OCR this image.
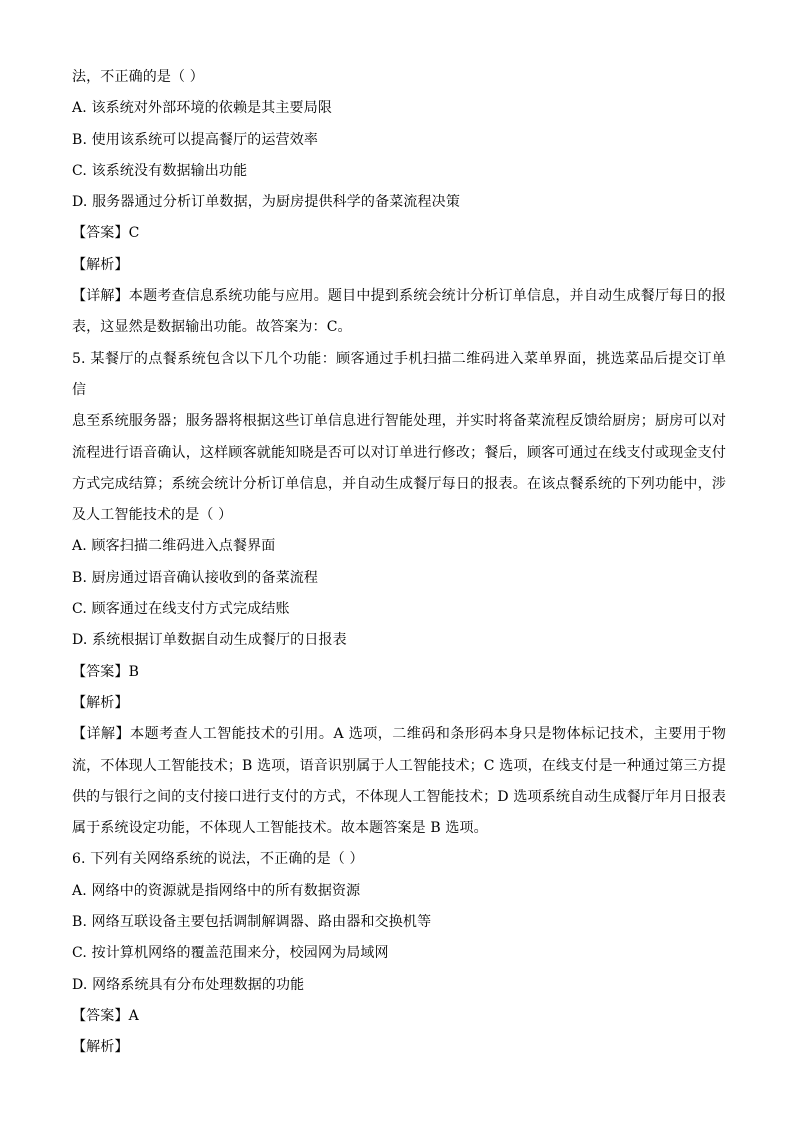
法，不正确的是（ ）
A. 该系统对外部环境的依赖是其主要局限
B. 使用该系统可以提高餐厅的运营效率
C. 该系统没有数据输出功能
D. 服务器通过分析订单数据，为厨房提供科学的备菜流程决策
【答案】C
【解析】
【详解】本题考查信息系统功能与应用。题目中提到系统会统计分析订单信息，并自动生成餐厅每日的报
表，这显然是数据输出功能。故答案为：C。
5. 某餐厅的点餐系统包含以下几个功能：顾客通过手机扫描二维码进入菜单界面，挑选菜品后提交订单信
息至系统服务器；服务器将根据这些订单信息进行智能处理，并实时将备菜流程反馈给厨房；厨房可以对
流程进行语音确认，这样顾客就能知晓是否可以对订单进行修改；餐后，顾客可通过在线支付或现金支付
方式完成结算；系统会统计分析订单信息，并自动生成餐厅每日的报表。在该点餐系统的下列功能中，涉
及人工智能技术的是（ ）
A. 顾客扫描二维码进入点餐界面
B. 厨房通过语音确认接收到的备菜流程
C. 顾客通过在线支付方式完成结账
D. 系统根据订单数据自动生成餐厅的日报表
【答案】B
【解析】
【详解】本题考查人工智能技术的引用。A 选项，二维码和条形码本身只是物体标记技术，主要用于物
流，不体现人工智能技术；B 选项，语音识别属于人工智能技术；C 选项，在线支付是一种通过第三方提
供的与银行之间的支付接口进行支付的方式，不体现人工智能技术；D 选项系统自动生成餐厅年月日报表
属于系统设定功能，不体现人工智能技术。故本题答案是 B 选项。
6. 下列有关网络系统的说法，不正确的是（ ）
A. 网络中的资源就是指网络中的所有数据资源
B. 网络互联设备主要包括调制解调器、路由器和交换机等
C. 按计算机网络的覆盖范围来分，校园网为局域网
D. 网络系统具有分布处理数据的功能
【答案】A
【解析】
